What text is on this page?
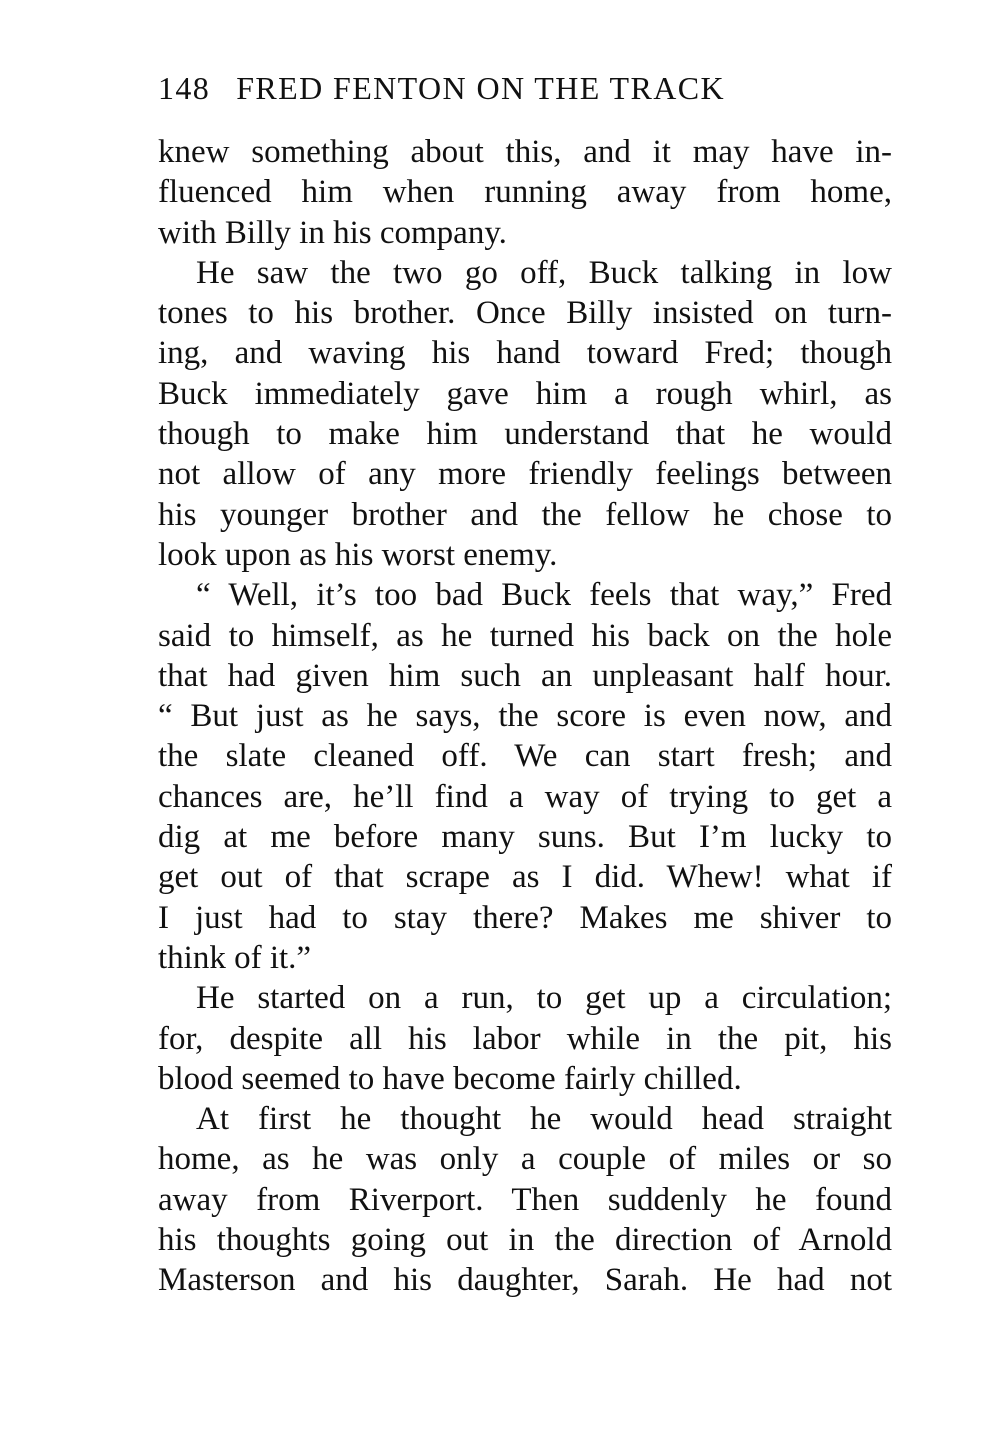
148 FRED FENTON ON THE TRACK
knew something about this, and it may have in-
fluenced him when running away from home,
with Billy in his company.
He saw the two go off, Buck talking in low
tones to his brother. Once Billy insisted on turn-
ing, and waving his hand toward Fred; though
Buck immediately gave him a rough whirl, as
though to make him understand that he would
not allow of any more friendly feelings between
his younger brother and the fellow he chose to
look upon as his worst enemy.
“ Well, it’s too bad Buck feels that way,” Fred
said to himself, as he turned his back on the hole
that had given him such an unpleasant half hour.
“ But just as he says, the score is even now, and
the slate cleaned off. We can start fresh; and
chances are, he’ll find a way of trying to get a
dig at me before many suns. But I’m lucky to
get out of that scrape as I did. Whew! what if
I just had to stay there? Makes me shiver to
think of it.”
He started on a run, to get up a circulation;
for, despite all his labor while in the pit, his
blood seemed to have become fairly chilled.
At first he thought he would head straight
home, as he was only a couple of miles or so
away from Riverport. Then suddenly he found
his thoughts going out in the direction of Arnold
Masterson and his daughter, Sarah. He had not
